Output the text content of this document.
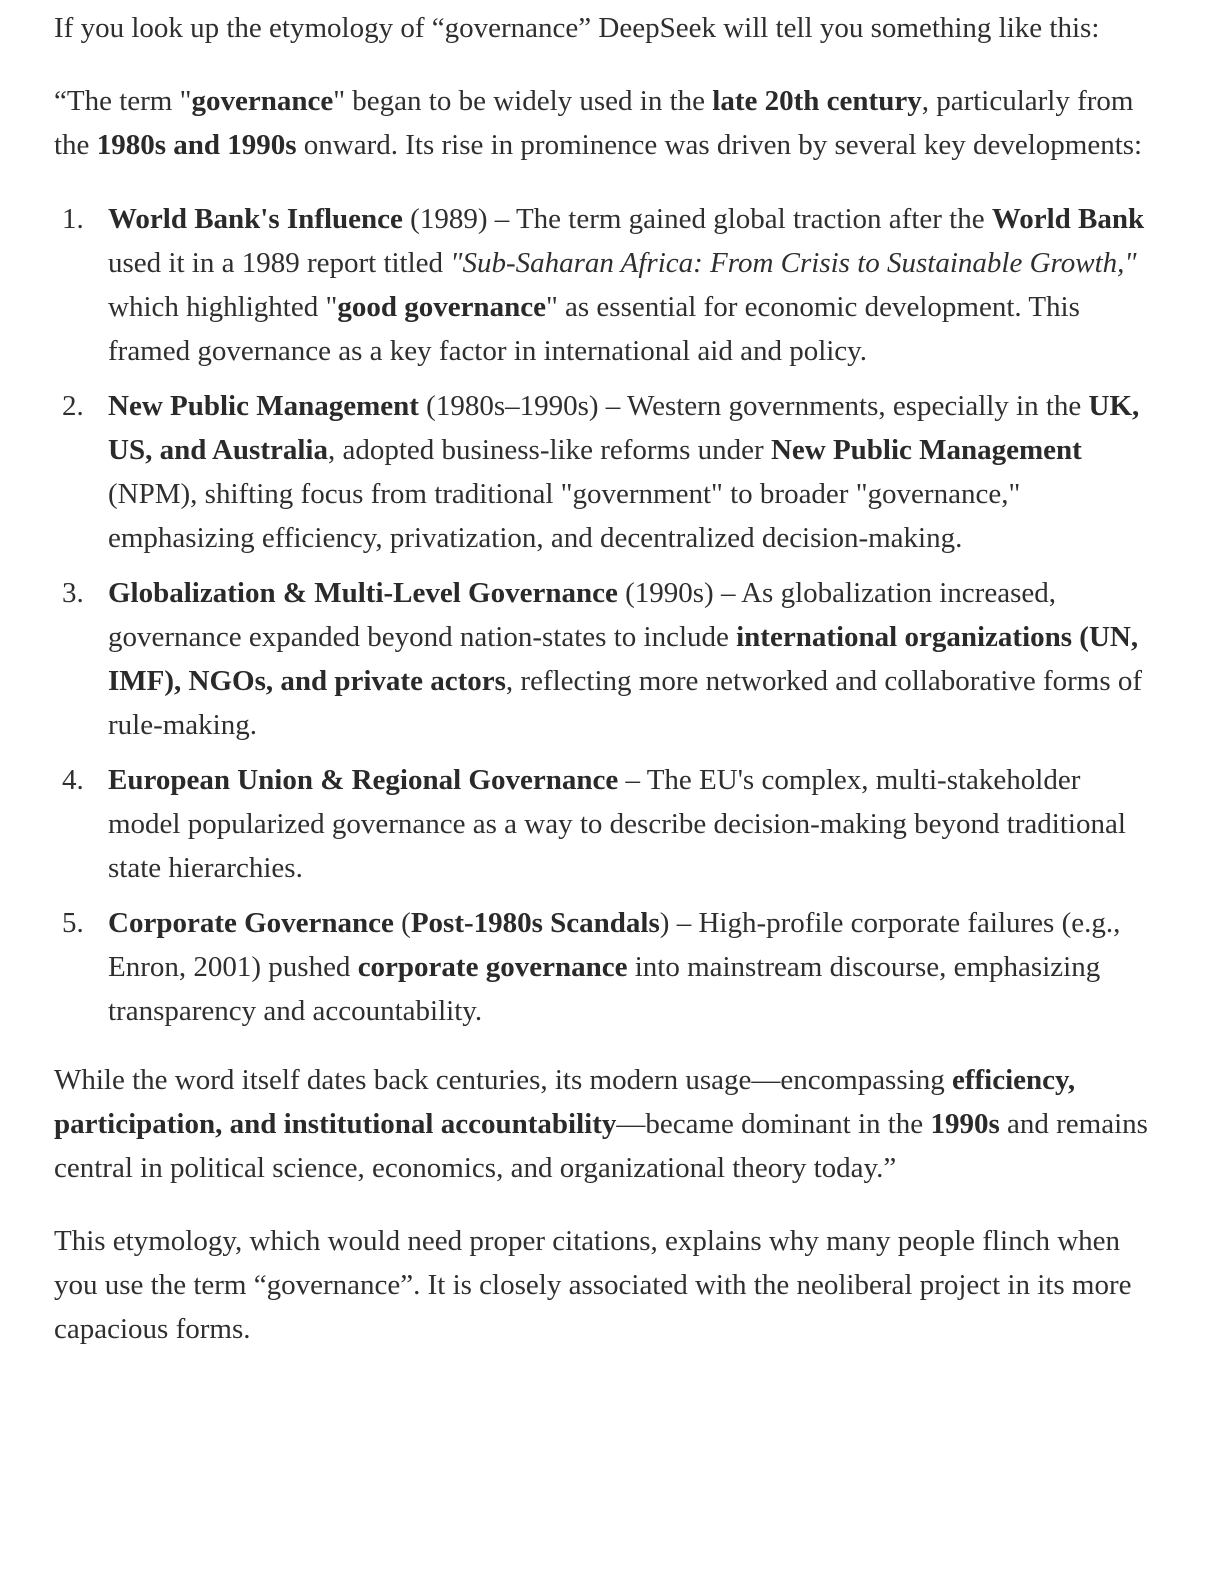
If you look up the etymology of “governance” DeepSeek will tell you something like this:

“The term "governance" began to be widely used in the late 20th century, particularly from the 1980s and 1990s onward. Its rise in prominence was driven by several key developments:

1. World Bank's Influence (1989) – The term gained global traction after the World Bank used it in a 1989 report titled "Sub-Saharan Africa: From Crisis to Sustainable Growth," which highlighted "good governance" as essential for economic development. This framed governance as a key factor in international aid and policy.
2. New Public Management (1980s–1990s) – Western governments, especially in the UK, US, and Australia, adopted business-like reforms under New Public Management (NPM), shifting focus from traditional "government" to broader "governance," emphasizing efficiency, privatization, and decentralized decision-making.
3. Globalization & Multi-Level Governance (1990s) – As globalization increased, governance expanded beyond nation-states to include international organizations (UN, IMF), NGOs, and private actors, reflecting more networked and collaborative forms of rule-making.
4. European Union & Regional Governance – The EU's complex, multi-stakeholder model popularized governance as a way to describe decision-making beyond traditional state hierarchies.
5. Corporate Governance (Post-1980s Scandals) – High-profile corporate failures (e.g., Enron, 2001) pushed corporate governance into mainstream discourse, emphasizing transparency and accountability.

While the word itself dates back centuries, its modern usage—encompassing efficiency, participation, and institutional accountability—became dominant in the 1990s and remains central in political science, economics, and organizational theory today.”

This etymology, which would need proper citations, explains why many people flinch when you use the term “governance”. It is closely associated with the neoliberal project in its more capacious forms.
